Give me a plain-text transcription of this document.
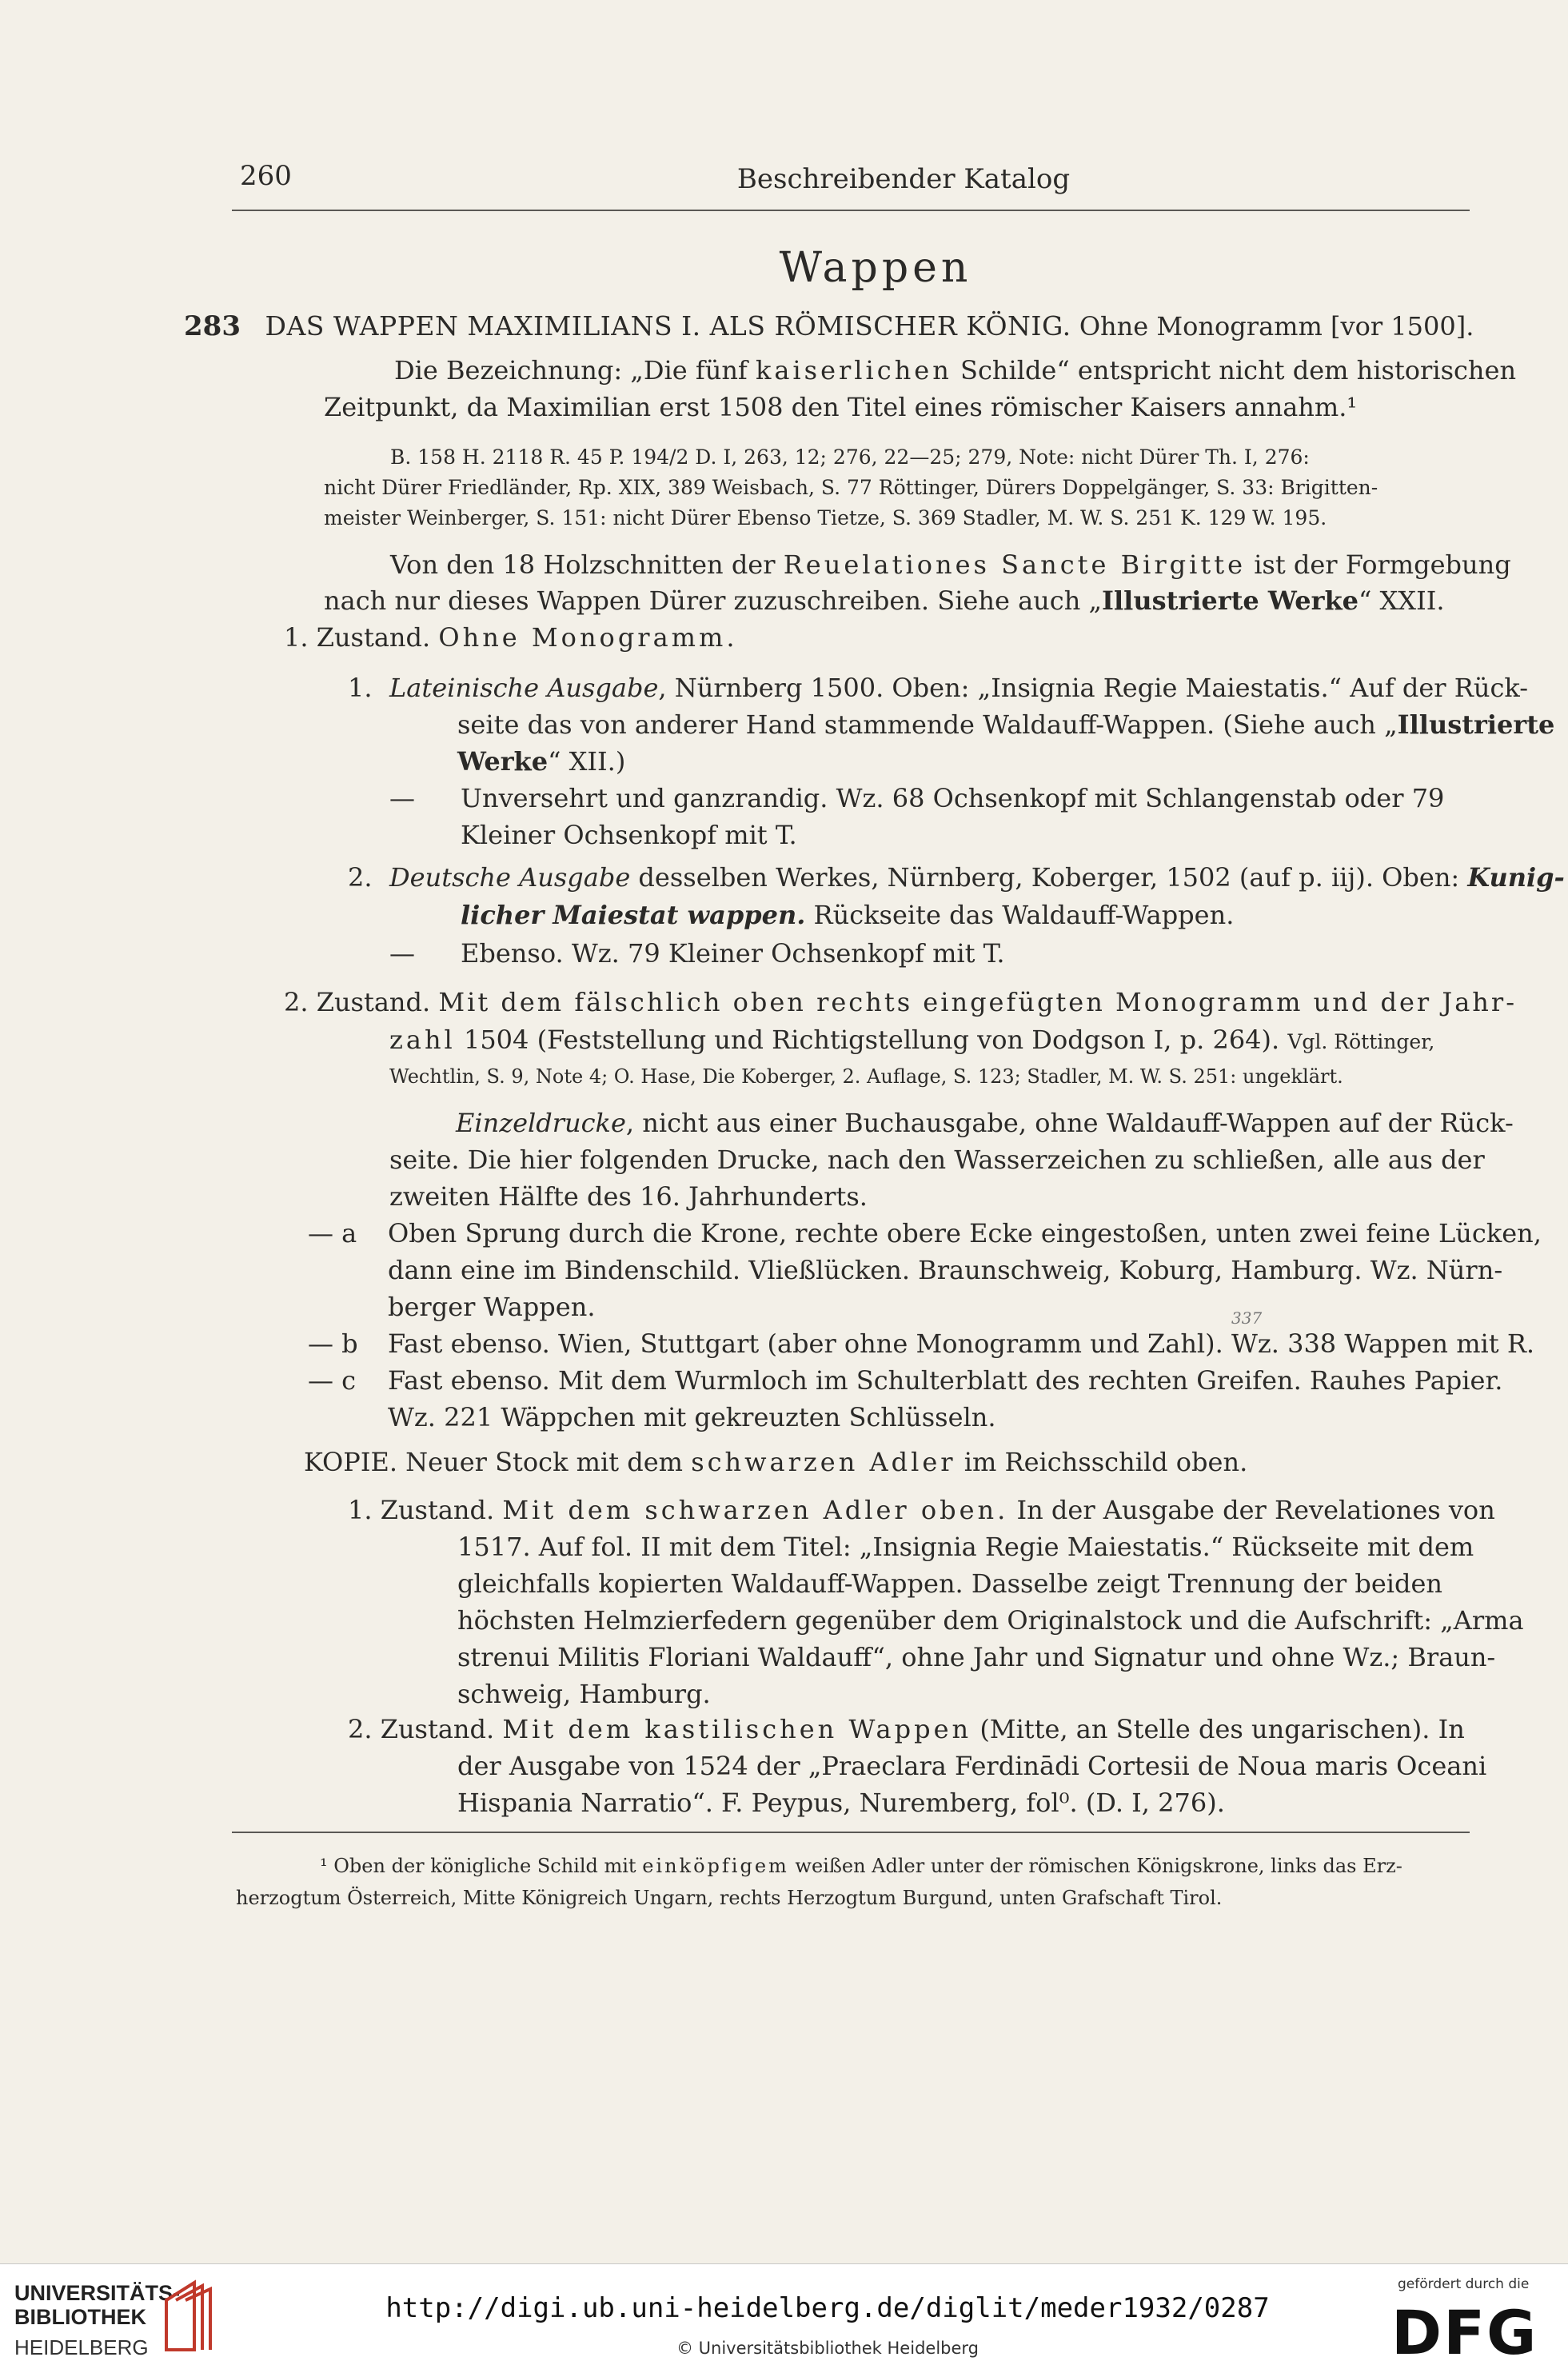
260	Beschreibender Katalog
Wappen
283 DAS WAPPEN MAXIMILIANS I. ALS RÖMISCHER KÖNIG. Ohne Monogramm [vor 1500].
Die Bezeichnung: „Die fünf kaiserlichen Schilde“ entspricht nicht dem historischen
Zeitpunkt, da Maximilian erst 1508 den Titel eines römischer Kaisers annahm.¹
B. 158 H. 2118 R. 45 P. 194/2 D. I, 263, 12; 276, 22—25; 279, Note: nicht Dürer Th. I, 276:
nicht Dürer Friedländer, Rp. XIX, 389 Weisbach, S. 77 Röttinger, Dürers Doppelgänger, S. 33: Brigitten-
meister Weinberger, S. 151: nicht Dürer Ebenso Tietze, S. 369 Stadler, M. W. S. 251 K. 129 W. 195.
Von den 18 Holzschnitten der Reuelationes Sancte Birgitte ist der Formgebung
nach nur dieses Wappen Dürer zuzuschreiben. Siehe auch „Illustrierte Werke“ XXII.
1. Zustand. Ohne Monogramm.
1. Lateinische Ausgabe, Nürnberg 1500. Oben: „Insignia Regie Maiestatis.“ Auf der Rück-
seite das von anderer Hand stammende Waldauff-Wappen. (Siehe auch „Illustrierte
Werke“ XII.)
— Unversehrt und ganzrandig. Wz. 68 Ochsenkopf mit Schlangenstab oder 79
Kleiner Ochsenkopf mit T.
2. Deutsche Ausgabe desselben Werkes, Nürnberg, Koberger, 1502 (auf p. iij). Oben: Kunig-
licher Maiestat wappen. Rückseite das Waldauff-Wappen.
— Ebenso. Wz. 79 Kleiner Ochsenkopf mit T.
2. Zustand. Mit dem fälschlich oben rechts eingefügten Monogramm und der Jahr-
zahl 1504 (Feststellung und Richtigstellung von Dodgson I, p. 264). Vgl. Röttinger,
Wechtlin, S. 9, Note 4; O. Hase, Die Koberger, 2. Auflage, S. 123; Stadler, M. W. S. 251: ungeklärt.
Einzeldrucke, nicht aus einer Buchausgabe, ohne Waldauff-Wappen auf der Rück-
seite. Die hier folgenden Drucke, nach den Wasserzeichen zu schließen, alle aus der
zweiten Hälfte des 16. Jahrhunderts.
— a Oben Sprung durch die Krone, rechte obere Ecke eingestoßen, unten zwei feine Lücken,
dann eine im Bindenschild. Vließlücken. Braunschweig, Koburg, Hamburg. Wz. Nürn-
berger Wappen.
— b Fast ebenso. Wien, Stuttgart (aber ohne Monogramm und Zahl). Wz. 338 Wappen mit R.
337
— c Fast ebenso. Mit dem Wurmloch im Schulterblatt des rechten Greifen. Rauhes Papier.
Wz. 221 Wäppchen mit gekreuzten Schlüsseln.
KOPIE. Neuer Stock mit dem schwarzen Adler im Reichsschild oben.
1. Zustand. Mit dem schwarzen Adler oben. In der Ausgabe der Revelationes von
1517. Auf fol. II mit dem Titel: „Insignia Regie Maiestatis.“ Rückseite mit dem
gleichfalls kopierten Waldauff-Wappen. Dasselbe zeigt Trennung der beiden
höchsten Helmzierfedern gegenüber dem Originalstock und die Aufschrift: „Arma
strenui Militis Floriani Waldauff“, ohne Jahr und Signatur und ohne Wz.; Braun-
schweig, Hamburg.
2. Zustand. Mit dem kastilischen Wappen (Mitte, an Stelle des ungarischen). In
der Ausgabe von 1524 der „Praeclara Ferdinādi Cortesii de Noua maris Oceani
Hispania Narratio“. F. Peypus, Nuremberg, fol⁰. (D. I, 276).
¹ Oben der königliche Schild mit einköpfigem weißen Adler unter der römischen Königskrone, links das Erz-
herzogtum Österreich, Mitte Königreich Ungarn, rechts Herzogtum Burgund, unten Grafschaft Tirol.
UNIVERSITÄTS-
BIBLIOTHEK
HEIDELBERG
http://digi.ub.uni-heidelberg.de/diglit/meder1932/0287
© Universitätsbibliothek Heidelberg
gefördert durch die
DFG
